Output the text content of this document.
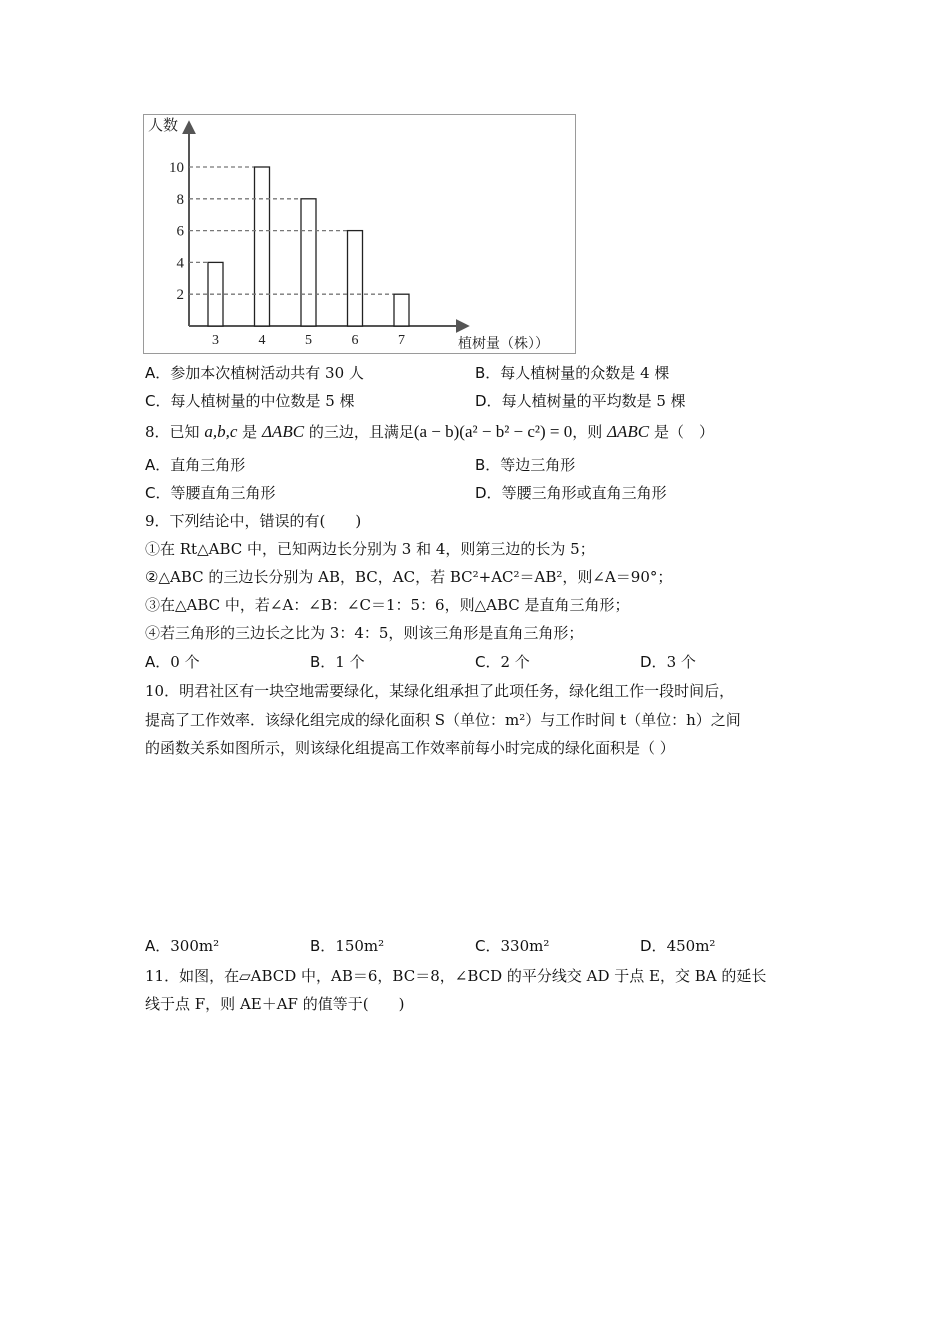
人数
植树量（株））
2
4
6
8
10
3	4	5	6	7
A．参加本次植树活动共有 30 人	B．每人植树量的众数是 4 棵
C．每人植树量的中位数是 5 棵	D．每人植树量的平均数是 5 棵
8．已知 a,b,c 是 ΔABC 的三边，且满足(a − b)(a² − b² − c²) = 0，则 ΔABC 是（　）
A．直角三角形	B．等边三角形
C．等腰直角三角形	D．等腰三角形或直角三角形
9．下列结论中，错误的有(　　)
①在 Rt△ABC 中，已知两边长分别为 3 和 4，则第三边的长为 5；
②△ABC 的三边长分别为 AB，BC，AC，若 BC²+AC²＝AB²，则∠A＝90°；
③在△ABC 中，若∠A：∠B：∠C＝1：5：6，则△ABC 是直角三角形；
④若三角形的三边长之比为 3：4：5，则该三角形是直角三角形；
A．0 个	B．1 个	C．2 个	D．3 个
10．明君社区有一块空地需要绿化，某绿化组承担了此项任务，绿化组工作一段时间后，
提高了工作效率．该绿化组完成的绿化面积 S（单位：m²）与工作时间 t（单位：h）之间
的函数关系如图所示，则该绿化组提高工作效率前每小时完成的绿化面积是（ ）
A．300m²	B．150m²	C．330m²	D．450m²
11．如图，在▱ABCD 中，AB＝6，BC＝8，∠BCD 的平分线交 AD 于点 E，交 BA 的延长
线于点 F，则 AE＋AF 的值等于(　　)
